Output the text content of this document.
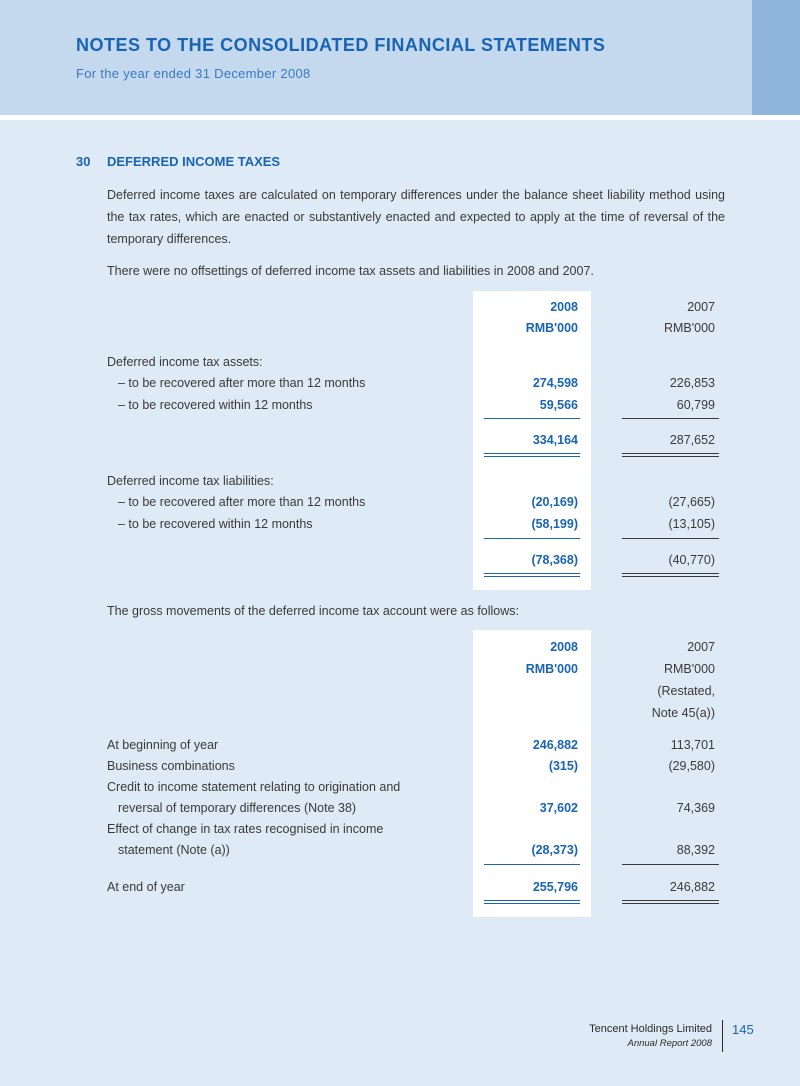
NOTES TO THE CONSOLIDATED FINANCIAL STATEMENTS
For the year ended 31 December 2008
30 DEFERRED INCOME TAXES
Deferred income taxes are calculated on temporary differences under the balance sheet liability method using the tax rates, which are enacted or substantively enacted and expected to apply at the time of reversal of the temporary differences.
There were no offsettings of deferred income tax assets and liabilities in 2008 and 2007.
2008	2007
RMB'000	RMB'000
Deferred income tax assets:
– to be recovered after more than 12 months	274,598	226,853
– to be recovered within 12 months	59,566	60,799
334,164	287,652
Deferred income tax liabilities:
– to be recovered after more than 12 months	(20,169)	(27,665)
– to be recovered within 12 months	(58,199)	(13,105)
(78,368)	(40,770)
The gross movements of the deferred income tax account were as follows:
2008	2007
RMB'000	RMB'000
(Restated,
Note 45(a))
At beginning of year	246,882	113,701
Business combinations	(315)	(29,580)
Credit to income statement relating to origination and
reversal of temporary differences (Note 38)	37,602	74,369
Effect of change in tax rates recognised in income
statement (Note (a))	(28,373)	88,392
At end of year	255,796	246,882
Tencent Holdings Limited
Annual Report 2008
145
